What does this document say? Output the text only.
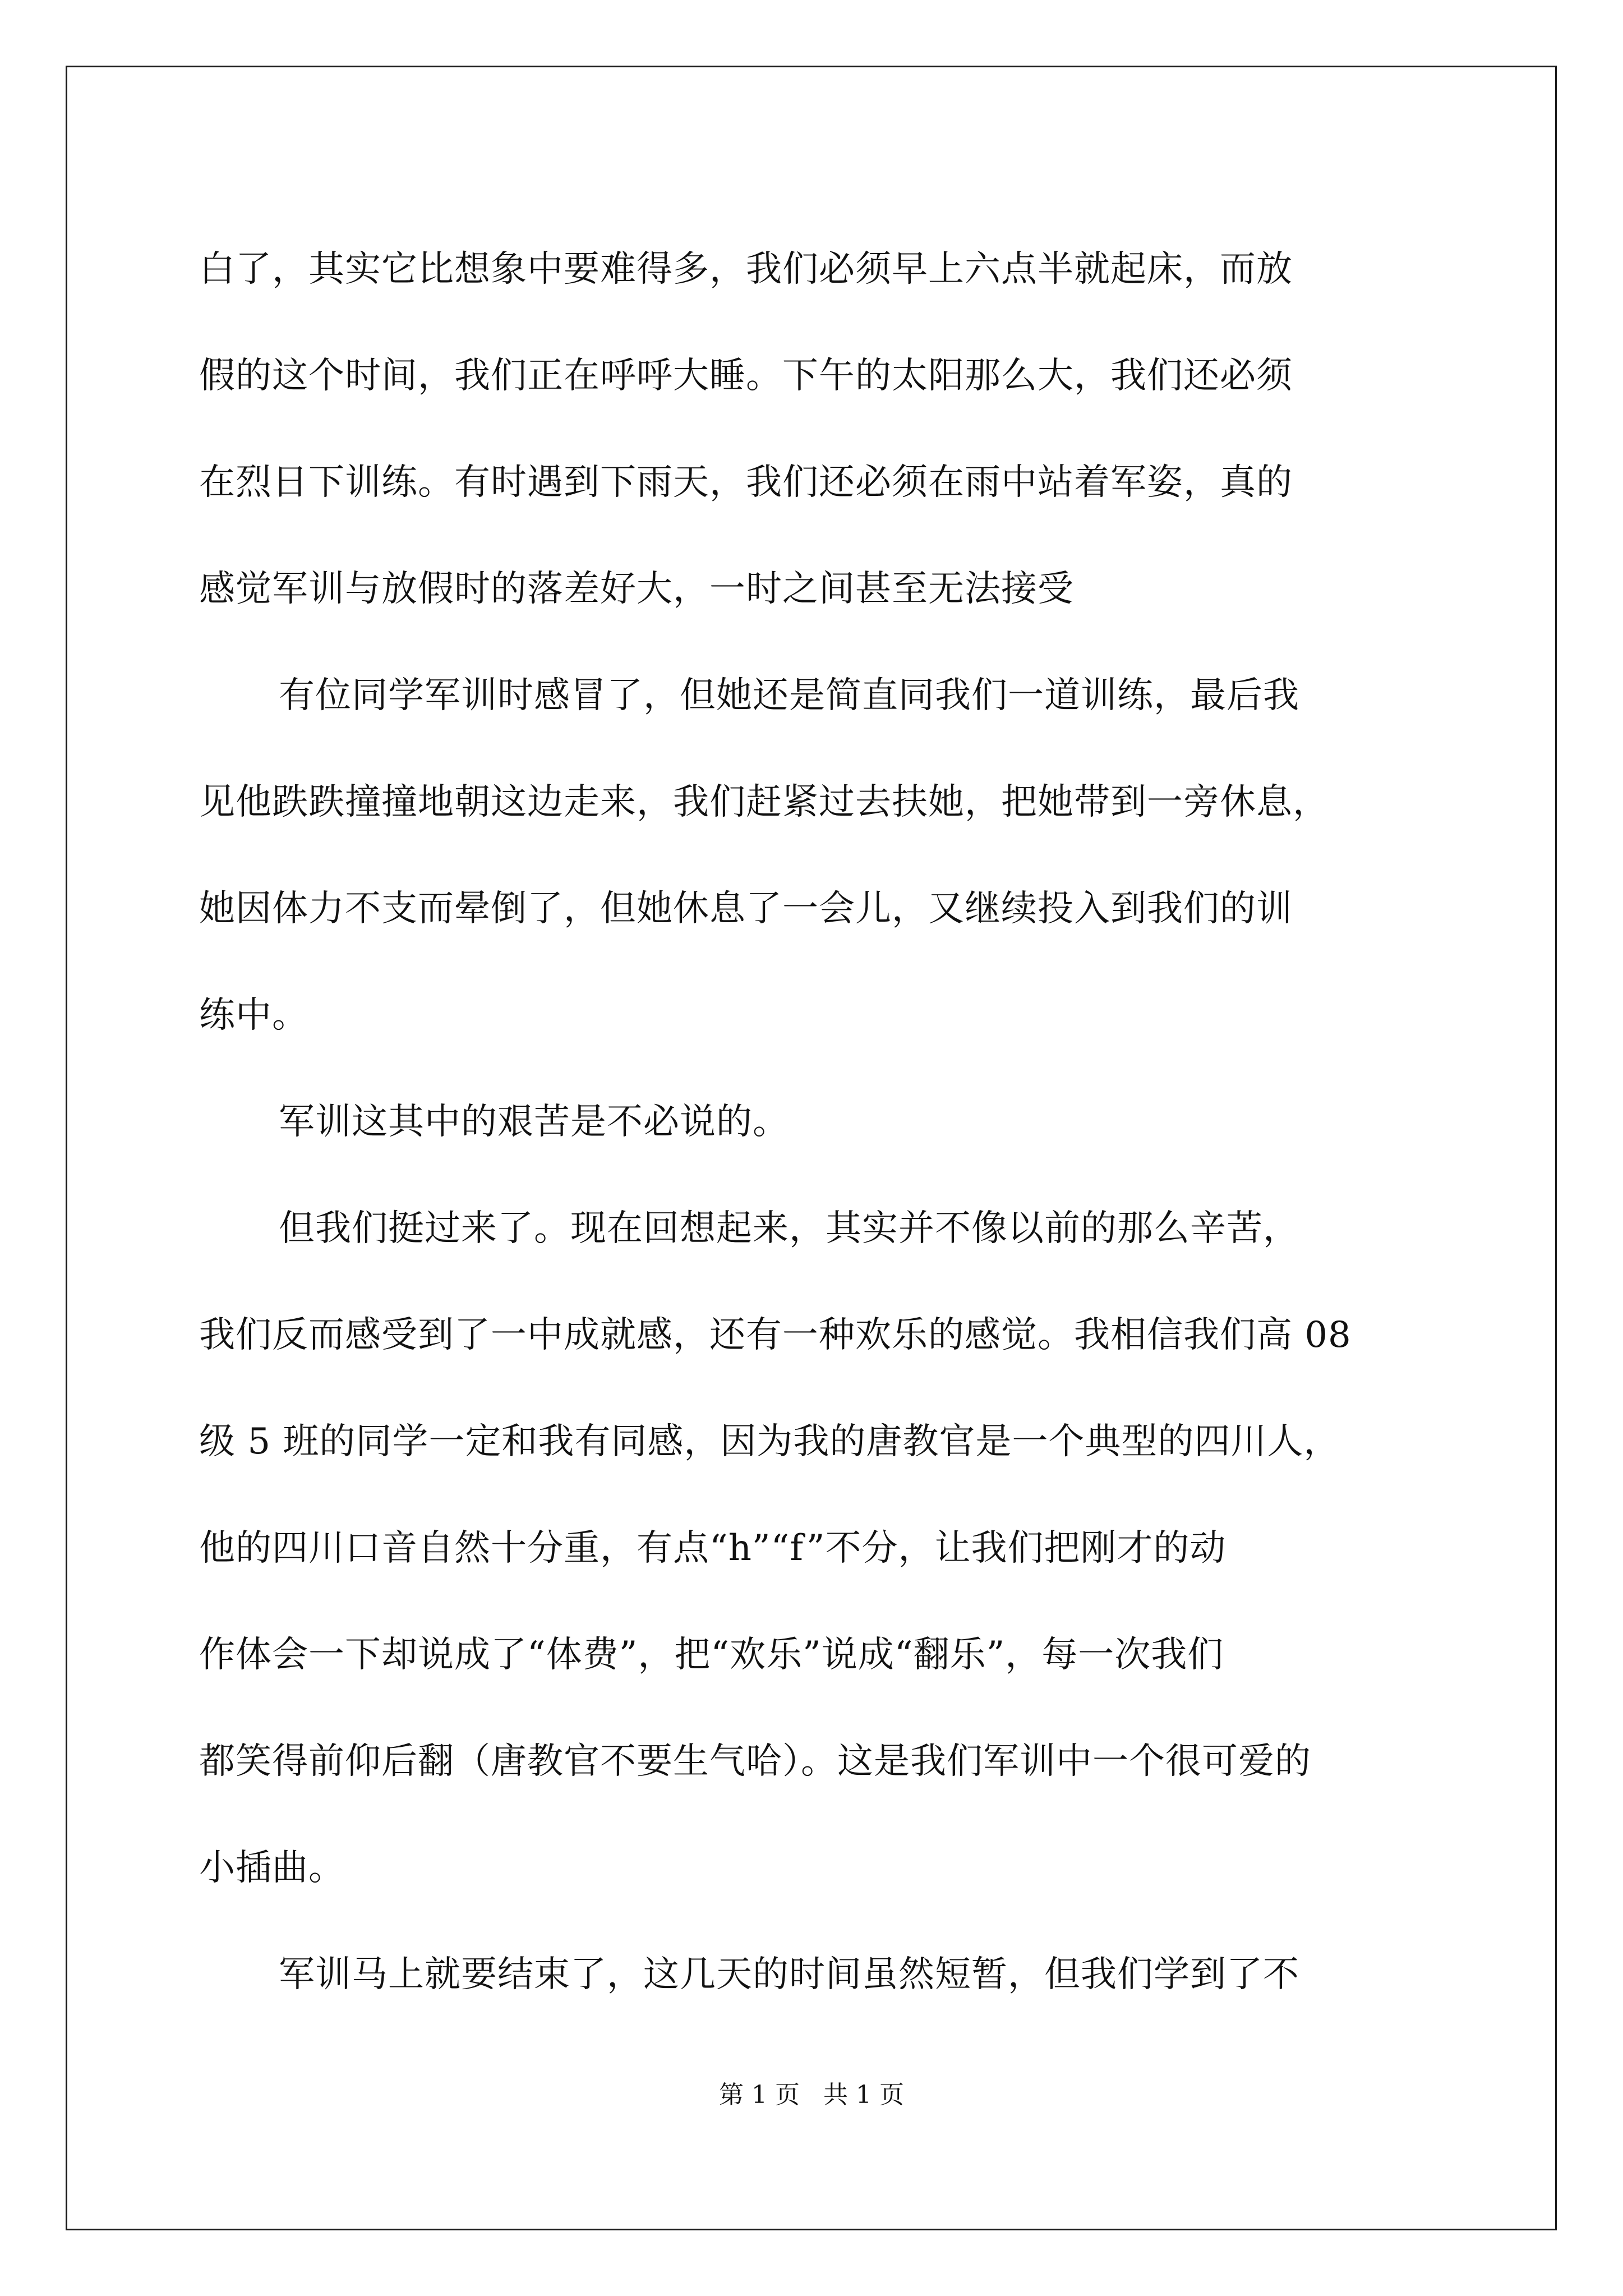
白了，其实它比想象中要难得多，我们必须早上六点半就起床，而放
假的这个时间，我们正在呼呼大睡。下午的太阳那么大，我们还必须
在烈日下训练。有时遇到下雨天，我们还必须在雨中站着军姿，真的
感觉军训与放假时的落差好大，一时之间甚至无法接受
有位同学军训时感冒了，但她还是简直同我们一道训练，最后我
见他跌跌撞撞地朝这边走来，我们赶紧过去扶她，把她带到一旁休息，
她因体力不支而晕倒了，但她休息了一会儿，又继续投入到我们的训
练中。
军训这其中的艰苦是不必说的。
但我们挺过来了。现在回想起来，其实并不像以前的那么辛苦，
我们反而感受到了一中成就感，还有一种欢乐的感觉。我相信我们高 08
级 5 班的同学一定和我有同感，因为我的唐教官是一个典型的四川人，
他的四川口音自然十分重，有点“h”“f”不分，让我们把刚才的动
作体会一下却说成了“体费”，把“欢乐”说成“翻乐”，每一次我们
都笑得前仰后翻（唐教官不要生气哈）。这是我们军训中一个很可爱的
小插曲。
军训马上就要结束了，这几天的时间虽然短暂，但我们学到了不
第 1 页   共 1 页
